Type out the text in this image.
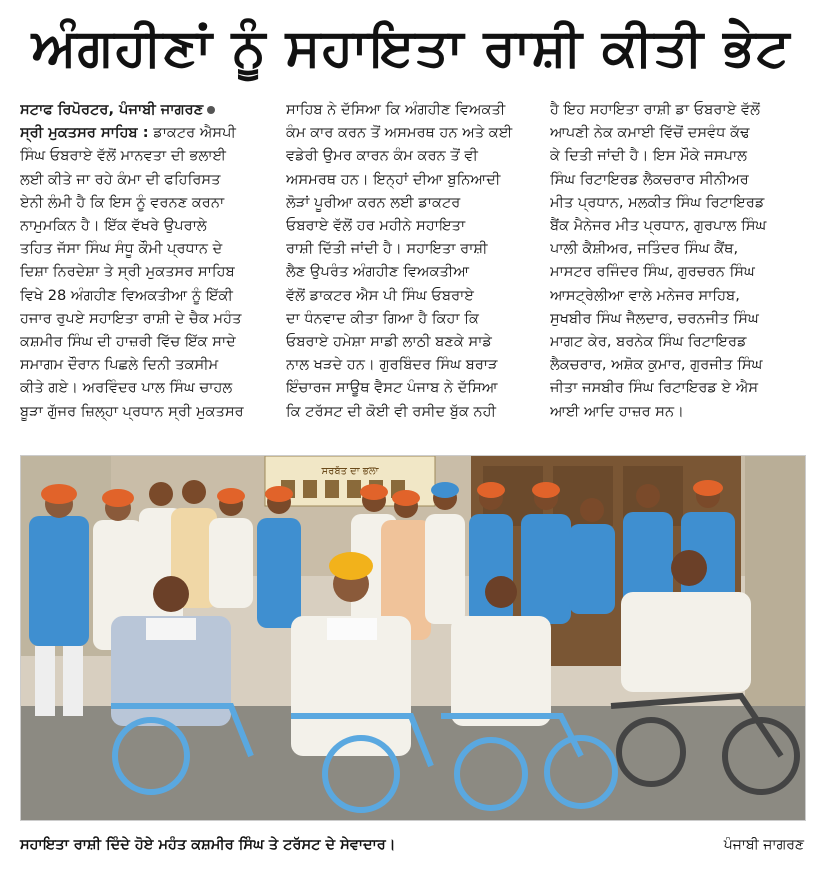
ਅੰਗਹੀਣਾਂ ਨੂੰ ਸਹਾਇਤਾ ਰਾਸ਼ੀ ਕੀਤੀ ਭੇਟ
ਸਟਾਫ ਰਿਪੋਰਟਰ, ਪੰਜਾਬੀ ਜਾਗਰਣ
ਸ੍ਰੀ ਮੁਕਤਸਰ ਸਾਹਿਬ : ਡਾਕਟਰ ਐਸਪੀ
ਸਿੰਘ ਓਬਰਾਏ ਵੱਲੋਂ ਮਾਨਵਤਾ ਦੀ ਭਲਾਈ
ਲਈ ਕੀਤੇ ਜਾ ਰਹੇ ਕੰਮਾ ਦੀ ਫਹਿਰਿਸਤ
ਏਨੀ ਲੰਮੀ ਹੈ ਕਿ ਇਸ ਨੂੰ ਵਰਨਣ ਕਰਨਾ
ਨਾਮੁਮਕਿਨ ਹੈ। ਇੱਕ ਵੱਖਰੇ ਉਪਰਾਲੇ
ਤਹਿਤ ਜੱਸਾ ਸਿੰਘ ਸੰਧੂ ਕੌਮੀ ਪ੍ਰਧਾਨ ਦੇ
ਦਿਸ਼ਾ ਨਿਰਦੇਸ਼ਾ ਤੇ ਸ੍ਰੀ ਮੁਕਤਸਰ ਸਾਹਿਬ
ਵਿਖੇ 28 ਅੰਗਹੀਣ ਵਿਅਕਤੀਆ ਨੂੰ ਇੱਕੀ
ਹਜਾਰ ਰੁਪਏ ਸਹਾਇਤਾ ਰਾਸ਼ੀ ਦੇ ਚੈਕ ਮਹੰਤ
ਕਸ਼ਮੀਰ ਸਿੰਘ ਦੀ ਹਾਜ਼ਰੀ ਵਿੱਚ ਇੱਕ ਸਾਦੇ
ਸਮਾਗਮ ਦੌਰਾਨ ਪਿਛਲੇ ਦਿਨੀ ਤਕਸੀਮ
ਕੀਤੇ ਗਏ। ਅਰਵਿੰਦਰ ਪਾਲ ਸਿੰਘ ਚਾਹਲ
ਬੂੜਾ ਗੁੱਜਰ ਜ਼ਿਲ੍ਹਾ ਪ੍ਰਧਾਨ ਸ੍ਰੀ ਮੁਕਤਸਰ
ਸਾਹਿਬ ਨੇ ਦੱਸਿਆ ਕਿ ਅੰਗਹੀਣ ਵਿਅਕਤੀ
ਕੰਮ ਕਾਰ ਕਰਨ ਤੋਂ ਅਸਮਰਥ ਹਨ ਅਤੇ ਕਈ
ਵਡੇਰੀ ਉਮਰ ਕਾਰਨ ਕੰਮ ਕਰਨ ਤੋਂ ਵੀ
ਅਸਮਰਥ ਹਨ। ਇਨ੍ਹਾਂ ਦੀਆ ਬੁਨਿਆਦੀ
ਲੋੜਾਂ ਪੂਰੀਆ ਕਰਨ ਲਈ ਡਾਕਟਰ
ਓਬਰਾਏ ਵੱਲੋਂ ਹਰ ਮਹੀਨੇ ਸਹਾਇਤਾ
ਰਾਸ਼ੀ ਦਿੱਤੀ ਜਾਂਦੀ ਹੈ। ਸਹਾਇਤਾ ਰਾਸ਼ੀ
ਲੈਣ ਉਪਰੰਤ ਅੰਗਹੀਣ ਵਿਅਕਤੀਆ
ਵੱਲੋਂ ਡਾਕਟਰ ਐਸ ਪੀ ਸਿੰਘ ਓਬਰਾਏ
ਦਾ ਧੰਨਵਾਦ ਕੀਤਾ ਗਿਆ ਹੈ ਕਿਹਾ ਕਿ
ਓਬਰਾਏ ਹਮੇਸ਼ਾ ਸਾਡੀ ਲਾਠੀ ਬਣਕੇ ਸਾਡੇ
ਨਾਲ ਖੜਦੇ ਹਨ। ਗੁਰਬਿੰਦਰ ਸਿੰਘ ਬਰਾੜ
ਇੰਚਾਰਜ ਸਾਊਥ ਵੈਸਟ ਪੰਜਾਬ ਨੇ ਦੱਸਿਆ
ਕਿ ਟਰੱਸਟ ਦੀ ਕੋਈ ਵੀ ਰਸੀਦ ਬੁੱਕ ਨਹੀ
ਹੈ ਇਹ ਸਹਾਇਤਾ ਰਾਸ਼ੀ ਡਾ ਓਬਰਾਏ ਵੱਲੋਂ
ਆਪਣੀ ਨੇਕ ਕਮਾਈ ਵਿੱਚੋਂ ਦਸਵੰਧ ਕੱਢ
ਕੇ ਦਿਤੀ ਜਾਂਦੀ ਹੈ। ਇਸ ਮੌਕੇ ਜਸਪਾਲ
ਸਿੰਘ ਰਿਟਾਇਰਡ ਲੈਕਚਰਾਰ ਸੀਨੀਅਰ
ਮੀਤ ਪ੍ਰਧਾਨ, ਮਲਕੀਤ ਸਿੰਘ ਰਿਟਾਇਰਡ
ਬੈਂਕ ਮੈਨੇਜਰ ਮੀਤ ਪ੍ਰਧਾਨ, ਗੁਰਪਾਲ ਸਿੰਘ
ਪਾਲੀ ਕੈਸ਼ੀਅਰ, ਜਤਿੰਦਰ ਸਿੰਘ ਕੈਂਥ,
ਮਾਸਟਰ ਰਜਿੰਦਰ ਸਿੰਘ, ਗੁਰਚਰਨ ਸਿੰਘ
ਆਸਟ੍ਰੇਲੀਆ ਵਾਲੇ ਮਨੇਜਰ ਸਾਹਿਬ,
ਸੁਖਬੀਰ ਸਿੰਘ ਜੈਲਦਾਰ, ਚਰਨਜੀਤ ਸਿੰਘ
ਮਾਗਟ ਕੇਰ, ਬਰਨੇਕ ਸਿੰਘ ਰਿਟਾਇਰਡ
ਲੈਕਚਰਾਰ, ਅਸ਼ੋਕ ਕੁਮਾਰ, ਗੁਰਜੀਤ ਸਿੰਘ
ਜੀਤਾ ਜਸਬੀਰ ਸਿੰਘ ਰਿਟਾਇਰਡ ਏ ਐਸ
ਆਈ ਆਦਿ ਹਾਜ਼ਰ ਸਨ।
ਸਰਬੱਤ ਦਾ ਭਲਾ
ਸਹਾਇਤਾ ਰਾਸ਼ੀ ਦਿੰਦੇ ਹੋਏ ਮਹੰਤ ਕਸ਼ਮੀਰ ਸਿੰਘ ਤੇ ਟਰੱਸਟ ਦੇ ਸੇਵਾਦਾਰ।	ਪੰਜਾਬੀ ਜਾਗਰਣ
